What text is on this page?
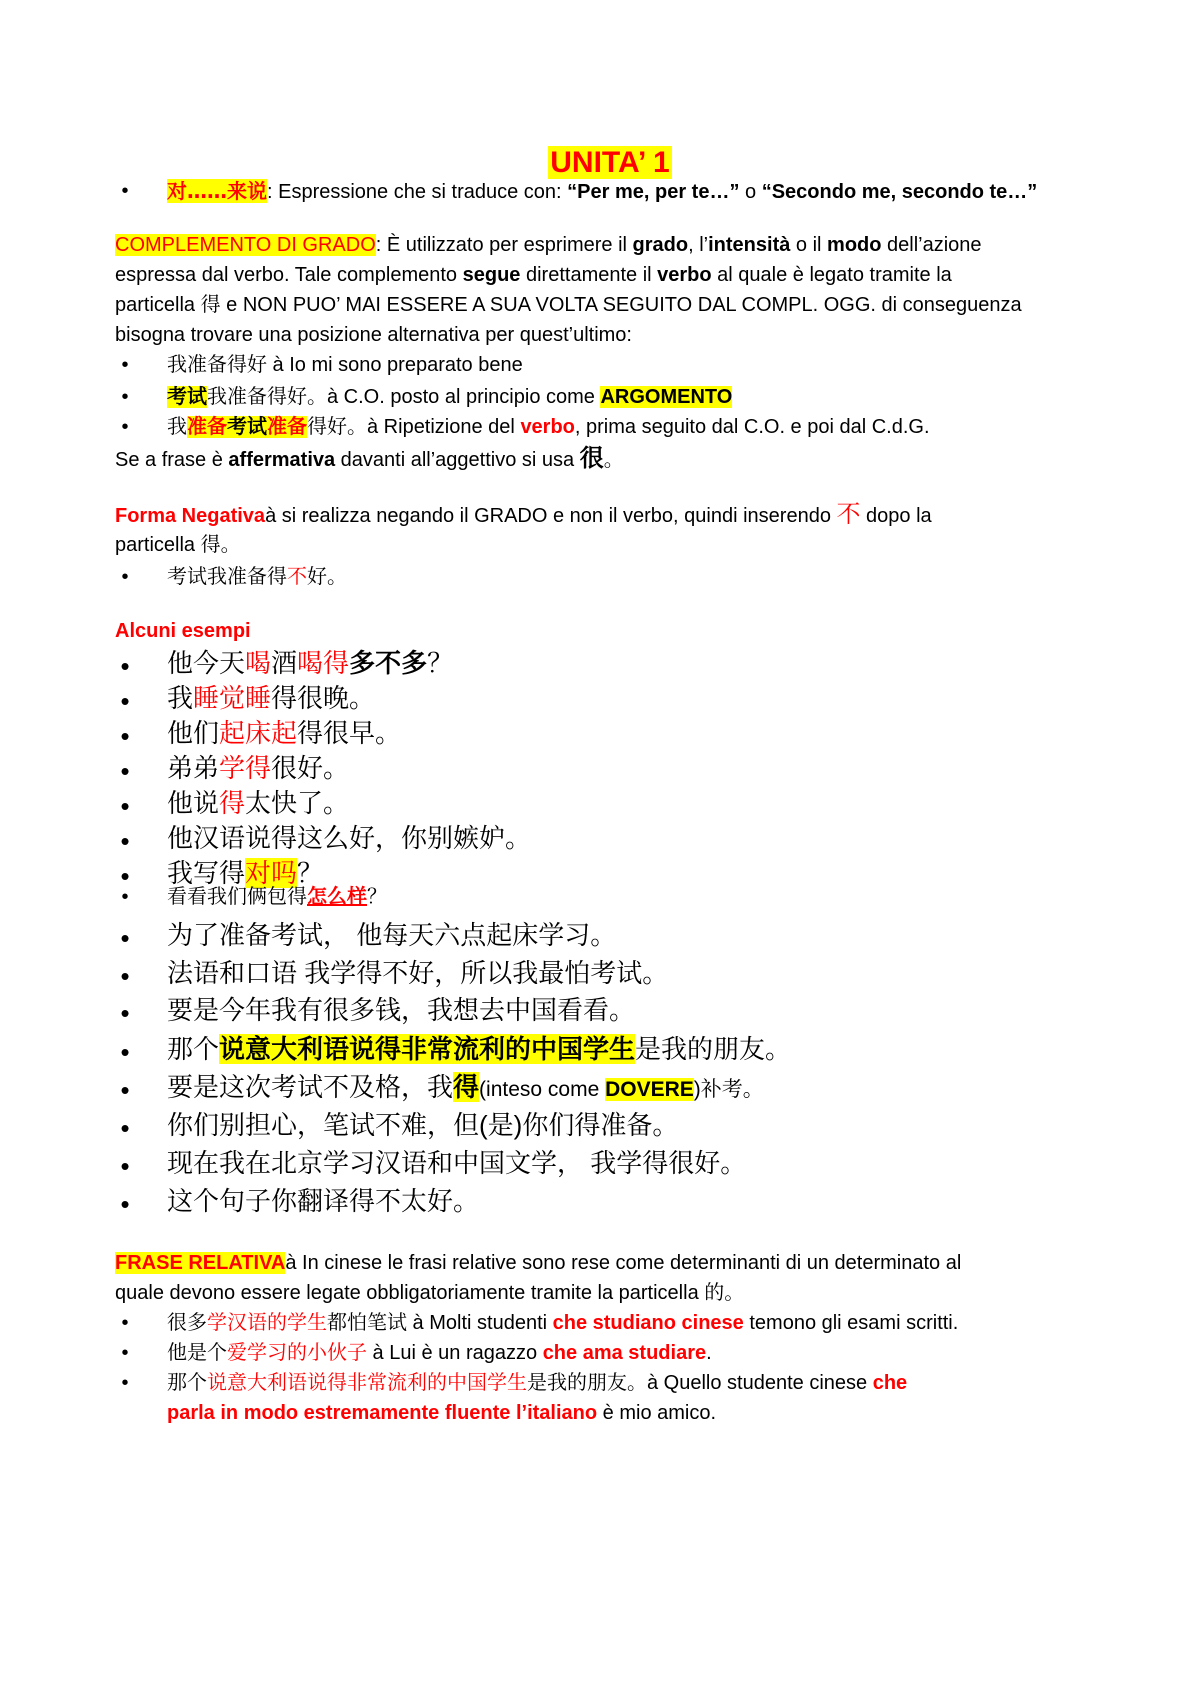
UNITA’ 1
•	对……来说: Espressione che si traduce con: “Per me, per te…” o “Secondo me, secondo te…”
COMPLEMENTO DI GRADO: È utilizzato per esprimere il grado, l’intensità o il modo dell’azione
espressa dal verbo. Tale complemento segue direttamente il verbo al quale è legato tramite la
particella 得 e NON PUO’ MAI ESSERE A SUA VOLTA SEGUITO DAL COMPL. OGG. di conseguenza
bisogna trovare una posizione alternativa per quest’ultimo:
•	我准备得好 à Io mi sono preparato bene
•	考试我准备得好。à C.O. posto al principio come ARGOMENTO
•	我准备考试准备得好。à Ripetizione del verbo, prima seguito dal C.O. e poi dal C.d.G.
Se a frase è affermativa davanti all’aggettivo si usa 很。
Forma Negativaà si realizza negando il GRADO e non il verbo, quindi inserendo 不 dopo la
particella 得。
•	考试我准备得不好。
Alcuni esempi
• 他今天喝酒喝得多不多？
• 我睡觉睡得很晚。
• 他们起床起得很早。
• 弟弟学得很好。
• 他说得太快了。
• 他汉语说得这么好，你别嫉妒。
• 我写得对吗？
•	看看我们俩包得怎么样？
• 为了准备考试， 他每天六点起床学习。
• 法语和口语 我学得不好，所以我最怕考试。
• 要是今年我有很多钱，我想去中国看看。
• 那个说意大利语说得非常流利的中国学生是我的朋友。
• 要是这次考试不及格，我得(inteso come DOVERE)补考。
• 你们别担心，笔试不难，但(是)你们得准备。
• 现在我在北京学习汉语和中国文学， 我学得很好。
• 这个句子你翻译得不太好。
FRASE RELATIVAà In cinese le frasi relative sono rese come determinanti di un determinato al
quale devono essere legate obbligatoriamente tramite la particella 的。
•	很多学汉语的学生都怕笔试 à Molti studenti che studiano cinese temono gli esami scritti.
•	他是个爱学习的小伙子 à Lui è un ragazzo che ama studiare.
•	那个说意大利语说得非常流利的中国学生是我的朋友。à Quello studente cinese che
parla in modo estremamente fluente l’italiano è mio amico.
